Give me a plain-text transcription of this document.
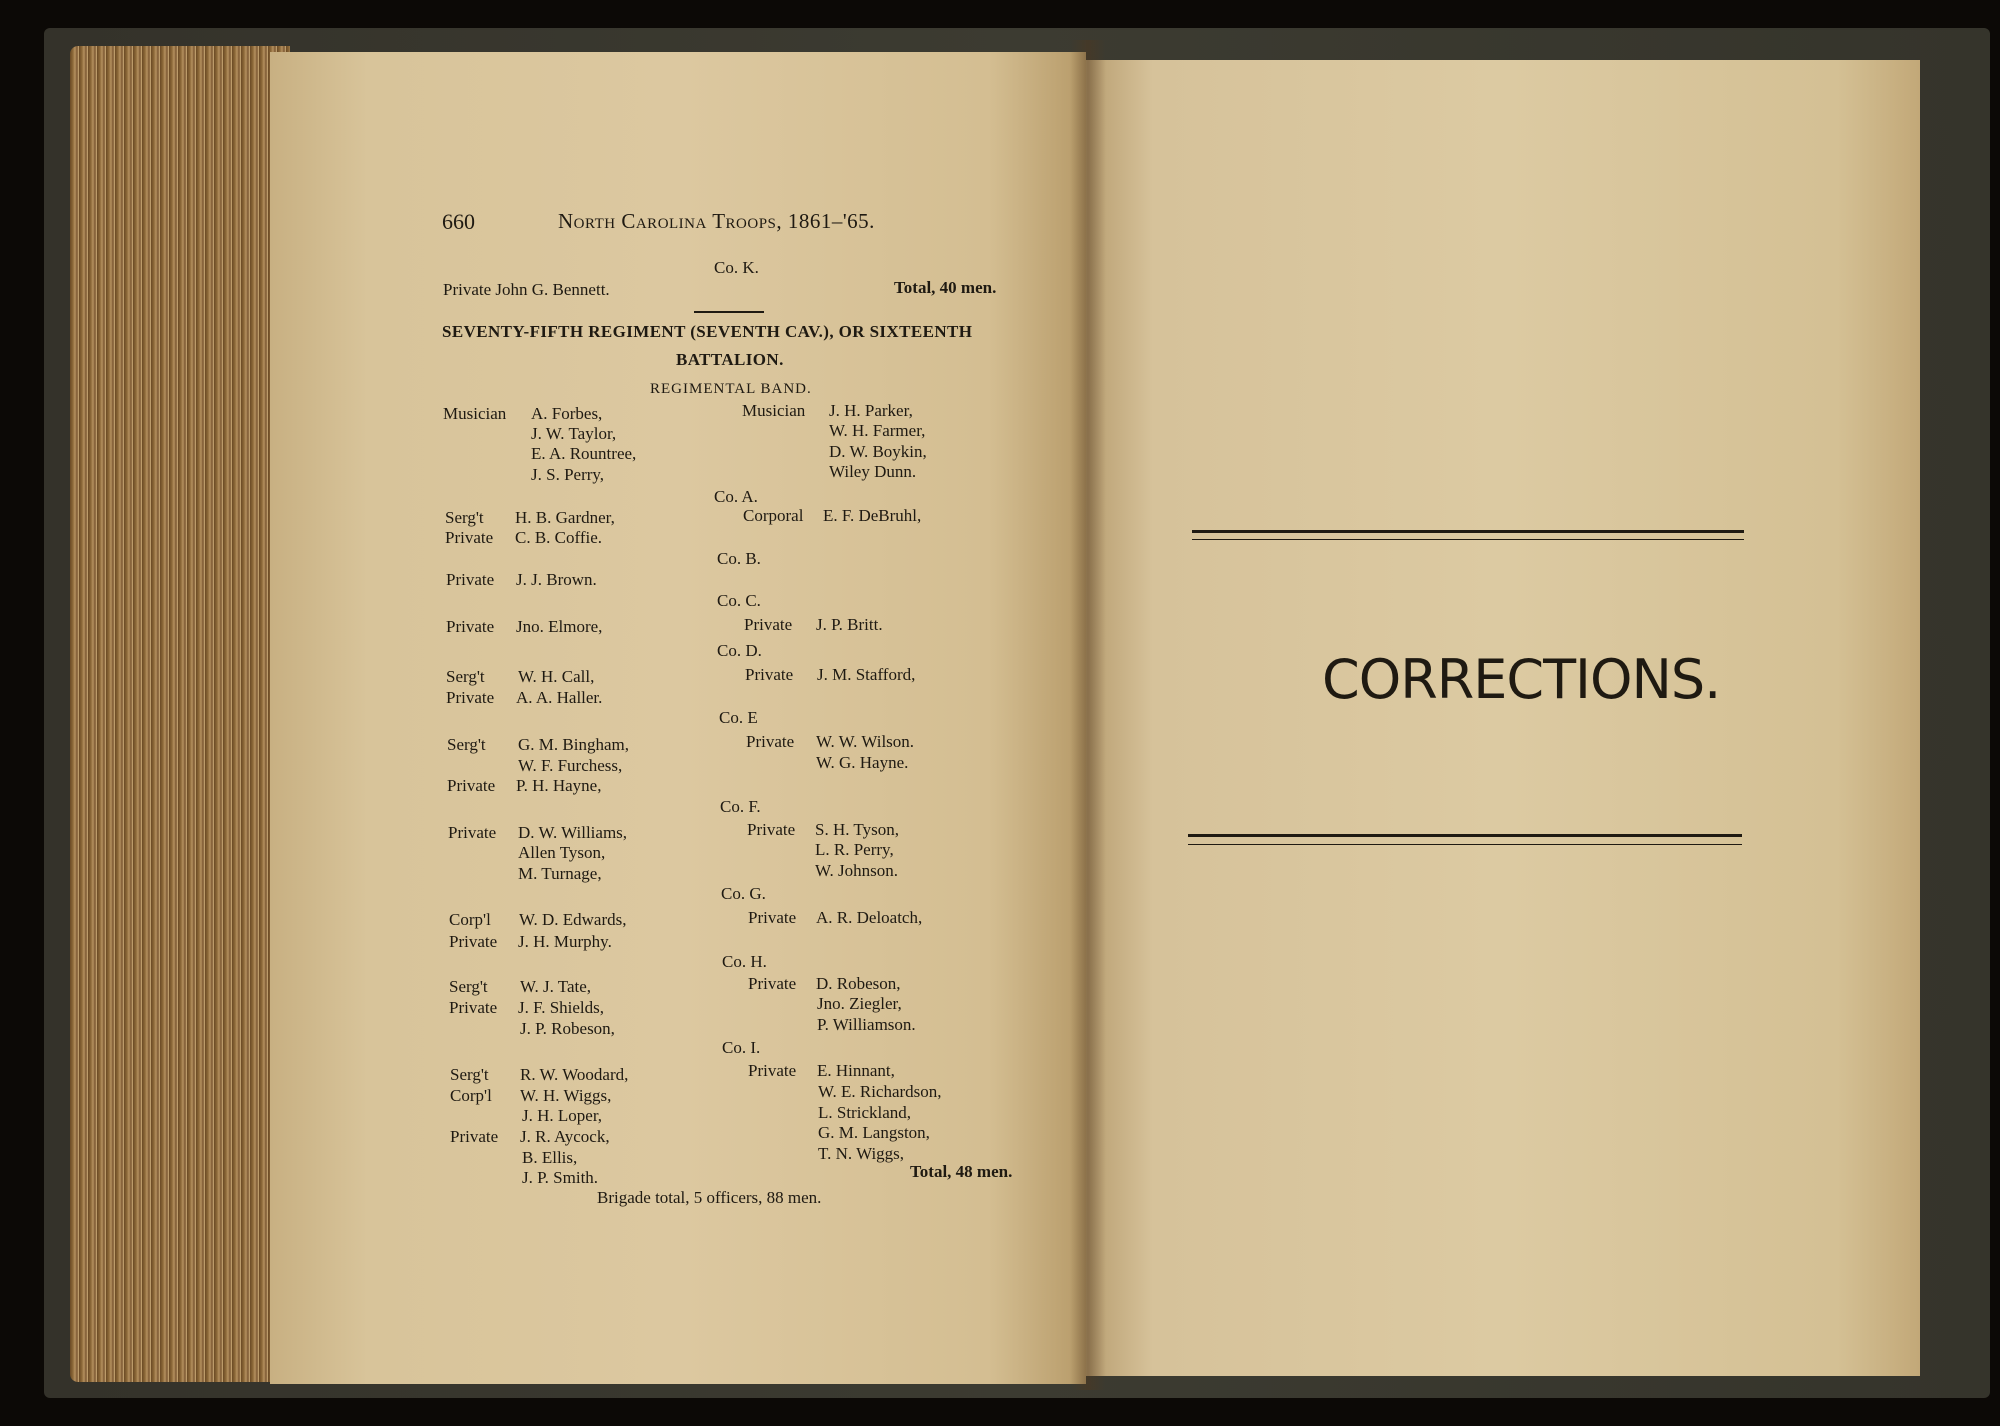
660	North Carolina Troops, 1861–'65.
Co. K.
Private John G. Bennett.	Total, 40 men.
SEVENTY-FIFTH REGIMENT (SEVENTH CAV.), OR SIXTEENTH
BATTALION.
REGIMENTAL BAND.
Musician A. Forbes,
J. W. Taylor,
E. A. Rountree,
J. S. Perry,
Musician J. H. Parker,
W. H. Farmer,
D. W. Boykin,
Wiley Dunn.
Co. A.
Serg't H. B. Gardner,
Private C. B. Coffie.
Corporal E. F. DeBruhl,
Co. B.
Private J. J. Brown.
Co. C.
Private Jno. Elmore,	Private J. P. Britt.
Co. D.
Serg't W. H. Call,
Private A. A. Haller.
Private J. M. Stafford,
Co. E
Serg't G. M. Bingham,
W. F. Furchess,
Private P. H. Hayne,
Private W. W. Wilson.
W. G. Hayne.
Co. F.
Private D. W. Williams,
Allen Tyson,
M. Turnage,
Private S. H. Tyson,
L. R. Perry,
W. Johnson.
Co. G.
Corp'l W. D. Edwards,
Private J. H. Murphy.
Private A. R. Deloatch,
Co. H.
Serg't W. J. Tate,
Private J. F. Shields,
J. P. Robeson,
Private D. Robeson,
Jno. Ziegler,
P. Williamson.
Co. I.
Serg't R. W. Woodard,
Corp'l W. H. Wiggs,
J. H. Loper,
Private J. R. Aycock,
B. Ellis,
J. P. Smith.
Private E. Hinnant,
W. E. Richardson,
L. Strickland,
G. M. Langston,
T. N. Wiggs,
Total, 48 men.
Brigade total, 5 officers, 88 men.
CORRECTIONS.
